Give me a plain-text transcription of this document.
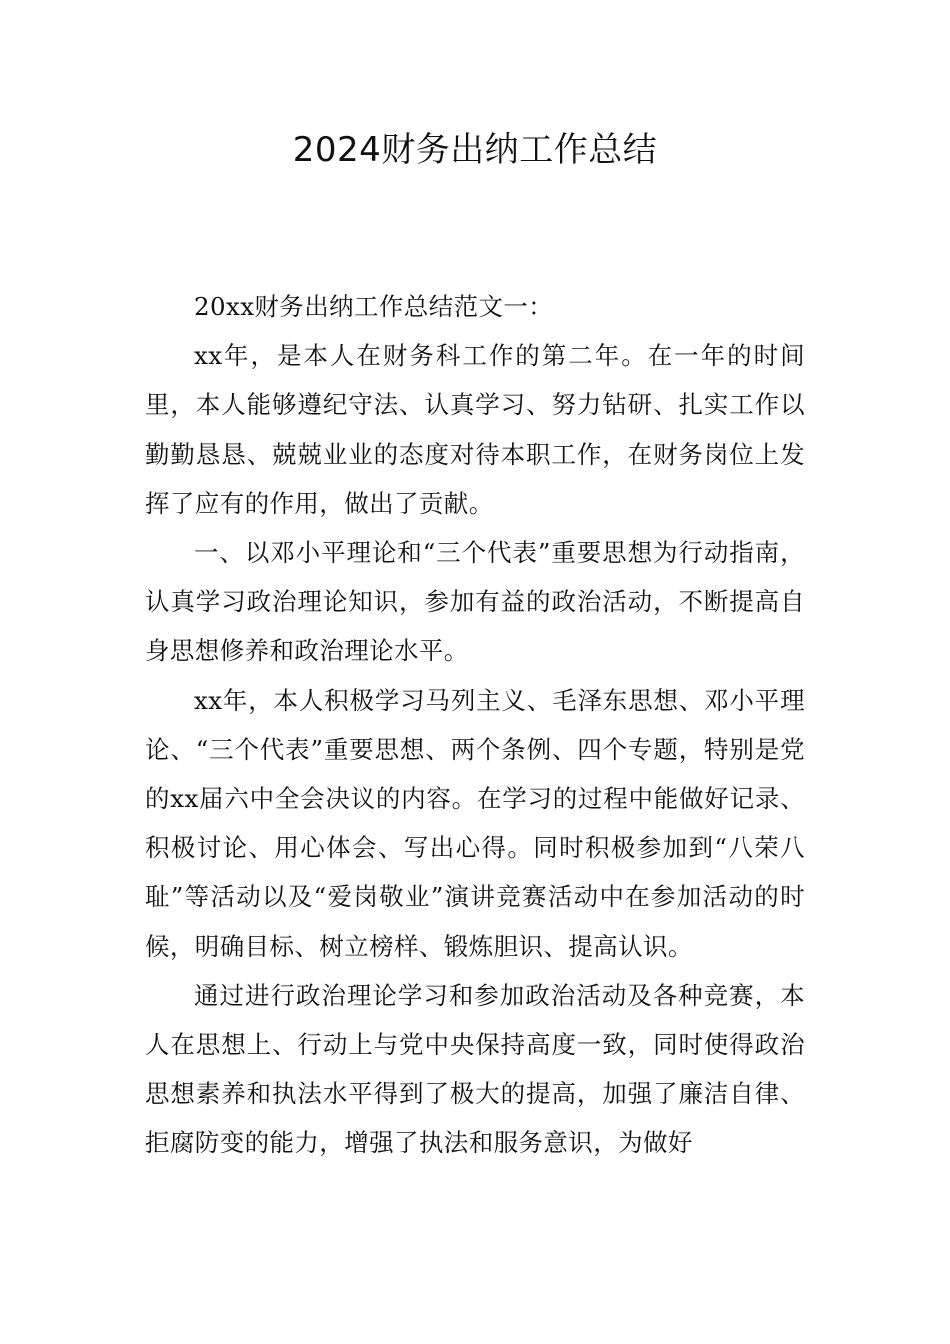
2024财务出纳工作总结

20xx财务出纳工作总结范文一：

xx年，是本人在财务科工作的第二年。在一年的时间里，本人能够遵纪守法、认真学习、努力钻研、扎实工作以勤勤恳恳、兢兢业业的态度对待本职工作，在财务岗位上发挥了应有的作用，做出了贡献。

一、以邓小平理论和“三个代表”重要思想为行动指南，认真学习政治理论知识，参加有益的政治活动，不断提高自身思想修养和政治理论水平。

xx年，本人积极学习马列主义、毛泽东思想、邓小平理论、“三个代表”重要思想、两个条例、四个专题，特别是党的xx届六中全会决议的内容。在学习的过程中能做好记录、积极讨论、用心体会、写出心得。同时积极参加到“八荣八耻”等活动以及“爱岗敬业”演讲竞赛活动中在参加活动的时候，明确目标、树立榜样、锻炼胆识、提高认识。

通过进行政治理论学习和参加政治活动及各种竞赛，本人在思想上、行动上与党中央保持高度一致，同时使得政治思想素养和执法水平得到了极大的提高，加强了廉洁自律、拒腐防变的能力，增强了执法和服务意识，为做好
